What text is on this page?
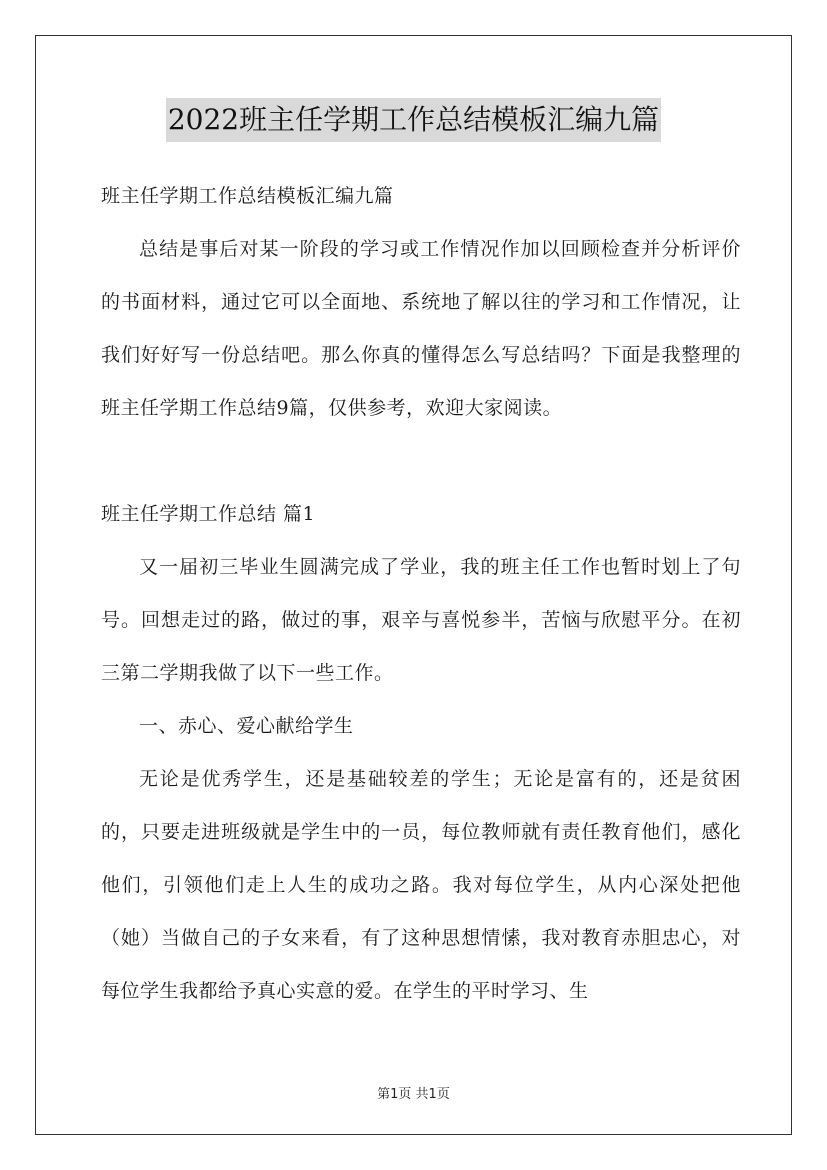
2022班主任学期工作总结模板汇编九篇

班主任学期工作总结模板汇编九篇

总结是事后对某一阶段的学习或工作情况作加以回顾检查并分析评价的书面材料，通过它可以全面地、系统地了解以往的学习和工作情况，让我们好好写一份总结吧。那么你真的懂得怎么写总结吗？下面是我整理的班主任学期工作总结9篇，仅供参考，欢迎大家阅读。

班主任学期工作总结 篇1

又一届初三毕业生圆满完成了学业，我的班主任工作也暂时划上了句号。回想走过的路，做过的事，艰辛与喜悦参半，苦恼与欣慰平分。在初三第二学期我做了以下一些工作。

一、赤心、爱心献给学生

无论是优秀学生，还是基础较差的学生；无论是富有的，还是贫困的，只要走进班级就是学生中的一员，每位教师就有责任教育他们，感化他们，引领他们走上人生的成功之路。我对每位学生，从内心深处把他（她）当做自己的子女来看，有了这种思想情愫，我对教育赤胆忠心，对每位学生我都给予真心实意的爱。在学生的平时学习、生

第1页 共1页
